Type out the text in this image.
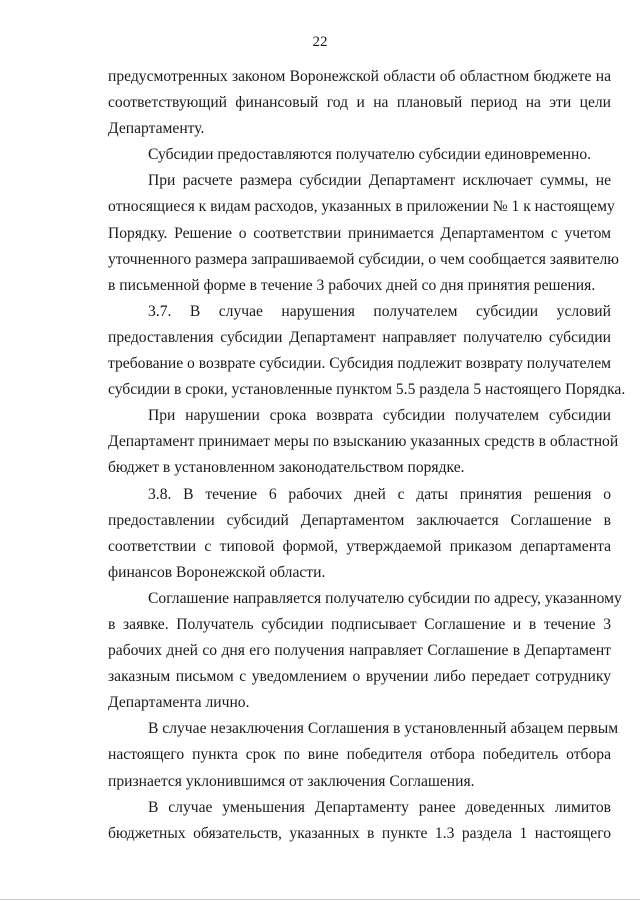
22
предусмотренных законом Воронежской области об областном бюджете на
соответствующий финансовый год и на плановый период на эти цели
Департаменту.
Субсидии предоставляются получателю субсидии единовременно.
При расчете размера субсидии Департамент исключает суммы, не
относящиеся к видам расходов, указанных в приложении № 1 к настоящему
Порядку. Решение о соответствии принимается Департаментом с учетом
уточненного размера запрашиваемой субсидии, о чем сообщается заявителю
в письменной форме в течение 3 рабочих дней со дня принятия решения.
3.7. В случае нарушения получателем субсидии условий
предоставления субсидии Департамент направляет получателю субсидии
требование о возврате субсидии. Субсидия подлежит возврату получателем
субсидии в сроки, установленные пунктом 5.5 раздела 5 настоящего Порядка.
При нарушении срока возврата субсидии получателем субсидии
Департамент принимает меры по взысканию указанных средств в областной
бюджет в установленном законодательством порядке.
3.8. В течение 6 рабочих дней с даты принятия решения о
предоставлении субсидий Департаментом заключается Соглашение в
соответствии с типовой формой, утверждаемой приказом департамента
финансов Воронежской области.
Соглашение направляется получателю субсидии по адресу, указанному
в заявке. Получатель субсидии подписывает Соглашение и в течение 3
рабочих дней со дня его получения направляет Соглашение в Департамент
заказным письмом с уведомлением о вручении либо передает сотруднику
Департамента лично.
В случае незаключения Соглашения в установленный абзацем первым
настоящего пункта срок по вине победителя отбора победитель отбора
признается уклонившимся от заключения Соглашения.
В случае уменьшения Департаменту ранее доведенных лимитов
бюджетных обязательств, указанных в пункте 1.3 раздела 1 настоящего
